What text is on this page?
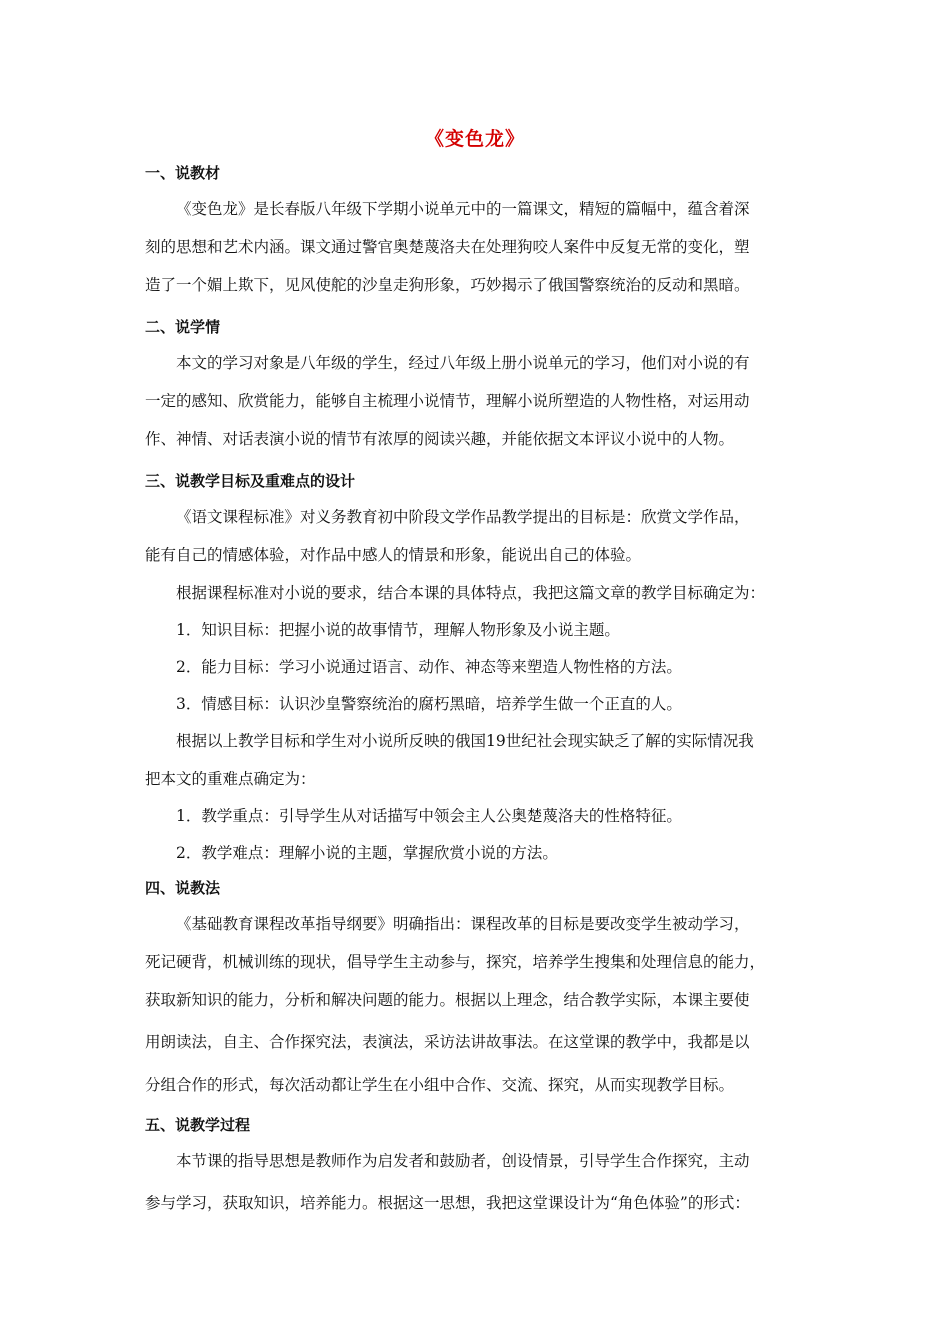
《变色龙》
一、说教材
《变色龙》是长春版八年级下学期小说单元中的一篇课文，精短的篇幅中，蕴含着深
刻的思想和艺术内涵。课文通过警官奥楚蔑洛夫在处理狗咬人案件中反复无常的变化，塑
造了一个媚上欺下，见风使舵的沙皇走狗形象，巧妙揭示了俄国警察统治的反动和黑暗。
二、说学情
本文的学习对象是八年级的学生，经过八年级上册小说单元的学习，他们对小说的有
一定的感知、欣赏能力，能够自主梳理小说情节，理解小说所塑造的人物性格，对运用动
作、神情、对话表演小说的情节有浓厚的阅读兴趣，并能依据文本评议小说中的人物。
三、说教学目标及重难点的设计
《语文课程标准》对义务教育初中阶段文学作品教学提出的目标是：欣赏文学作品，
能有自己的情感体验，对作品中感人的情景和形象，能说出自己的体验。
根据课程标准对小说的要求，结合本课的具体特点，我把这篇文章的教学目标确定为：
1．知识目标：把握小说的故事情节，理解人物形象及小说主题。
2．能力目标：学习小说通过语言、动作、神态等来塑造人物性格的方法。
3．情感目标：认识沙皇警察统治的腐朽黑暗，培养学生做一个正直的人。
根据以上教学目标和学生对小说所反映的俄国19世纪社会现实缺乏了解的实际情况我
把本文的重难点确定为：
1．教学重点：引导学生从对话描写中领会主人公奥楚蔑洛夫的性格特征。
2．教学难点：理解小说的主题，掌握欣赏小说的方法。
四、说教法
《基础教育课程改革指导纲要》明确指出：课程改革的目标是要改变学生被动学习，
死记硬背，机械训练的现状，倡导学生主动参与，探究，培养学生搜集和处理信息的能力，
获取新知识的能力，分析和解决问题的能力。根据以上理念，结合教学实际，本课主要使
用朗读法，自主、合作探究法，表演法，采访法讲故事法。在这堂课的教学中，我都是以
分组合作的形式，每次活动都让学生在小组中合作、交流、探究，从而实现教学目标。
五、说教学过程
本节课的指导思想是教师作为启发者和鼓励者，创设情景，引导学生合作探究，主动
参与学习，获取知识，培养能力。根据这一思想，我把这堂课设计为“角色体验”的形式：
